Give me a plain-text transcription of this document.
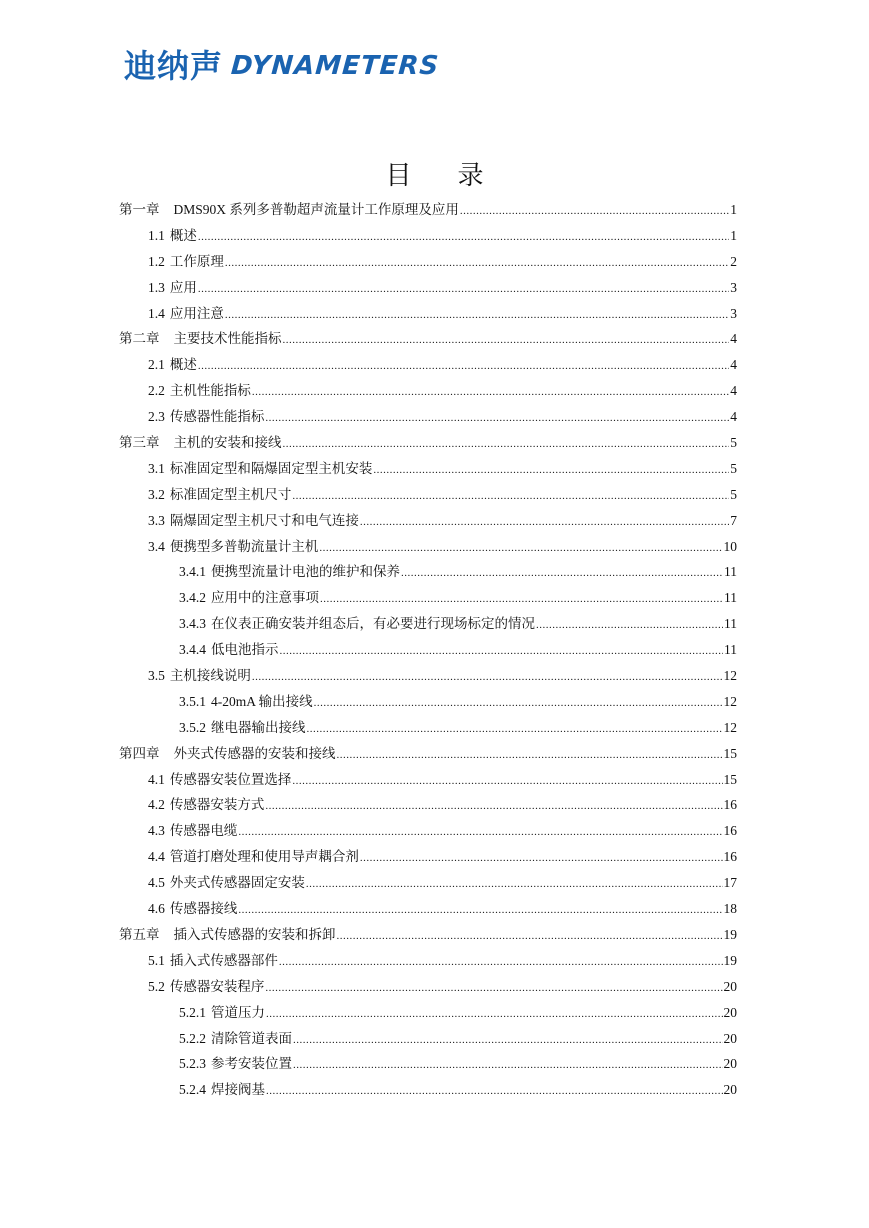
迪纳声 DYNAMETERS
目录
第一章 DMS90X 系列多普勒超声流量计工作原理及应用 .....	1
1.1 概述 .....	1
1.2 工作原理 .....	2
1.3 应用 .....	3
1.4 应用注意 .....	3
第二章 主要技术性能指标 .....	4
2.1 概述 .....	4
2.2 主机性能指标 .....	4
2.3 传感器性能指标 .....	4
第三章 主机的安装和接线 .....	5
3.1 标准固定型和隔爆固定型主机安装 .....	5
3.2 标准固定型主机尺寸 .....	5
3.3 隔爆固定型主机尺寸和电气连接 .....	7
3.4 便携型多普勒流量计主机 .....	10
3.4.1 便携型流量计电池的维护和保养 .....	11
3.4.2 应用中的注意事项 .....	11
3.4.3 在仪表正确安装并组态后，有必要进行现场标定的情况 .....	11
3.4.4 低电池指示 .....	11
3.5 主机接线说明 .....	12
3.5.1 4-20mA 输出接线 .....	12
3.5.2 继电器输出接线 .....	12
第四章 外夹式传感器的安装和接线 .....	15
4.1 传感器安装位置选择 .....	15
4.2 传感器安装方式 .....	16
4.3 传感器电缆 .....	16
4.4 管道打磨处理和使用导声耦合剂 .....	16
4.5 外夹式传感器固定安装 .....	17
4.6 传感器接线 .....	18
第五章 插入式传感器的安装和拆卸 .....	19
5.1 插入式传感器部件 .....	19
5.2 传感器安装程序 .....	20
5.2.1 管道压力 .....	20
5.2.2 清除管道表面 .....	20
5.2.3 参考安装位置 .....	20
5.2.4 焊接阀基 .....	20
